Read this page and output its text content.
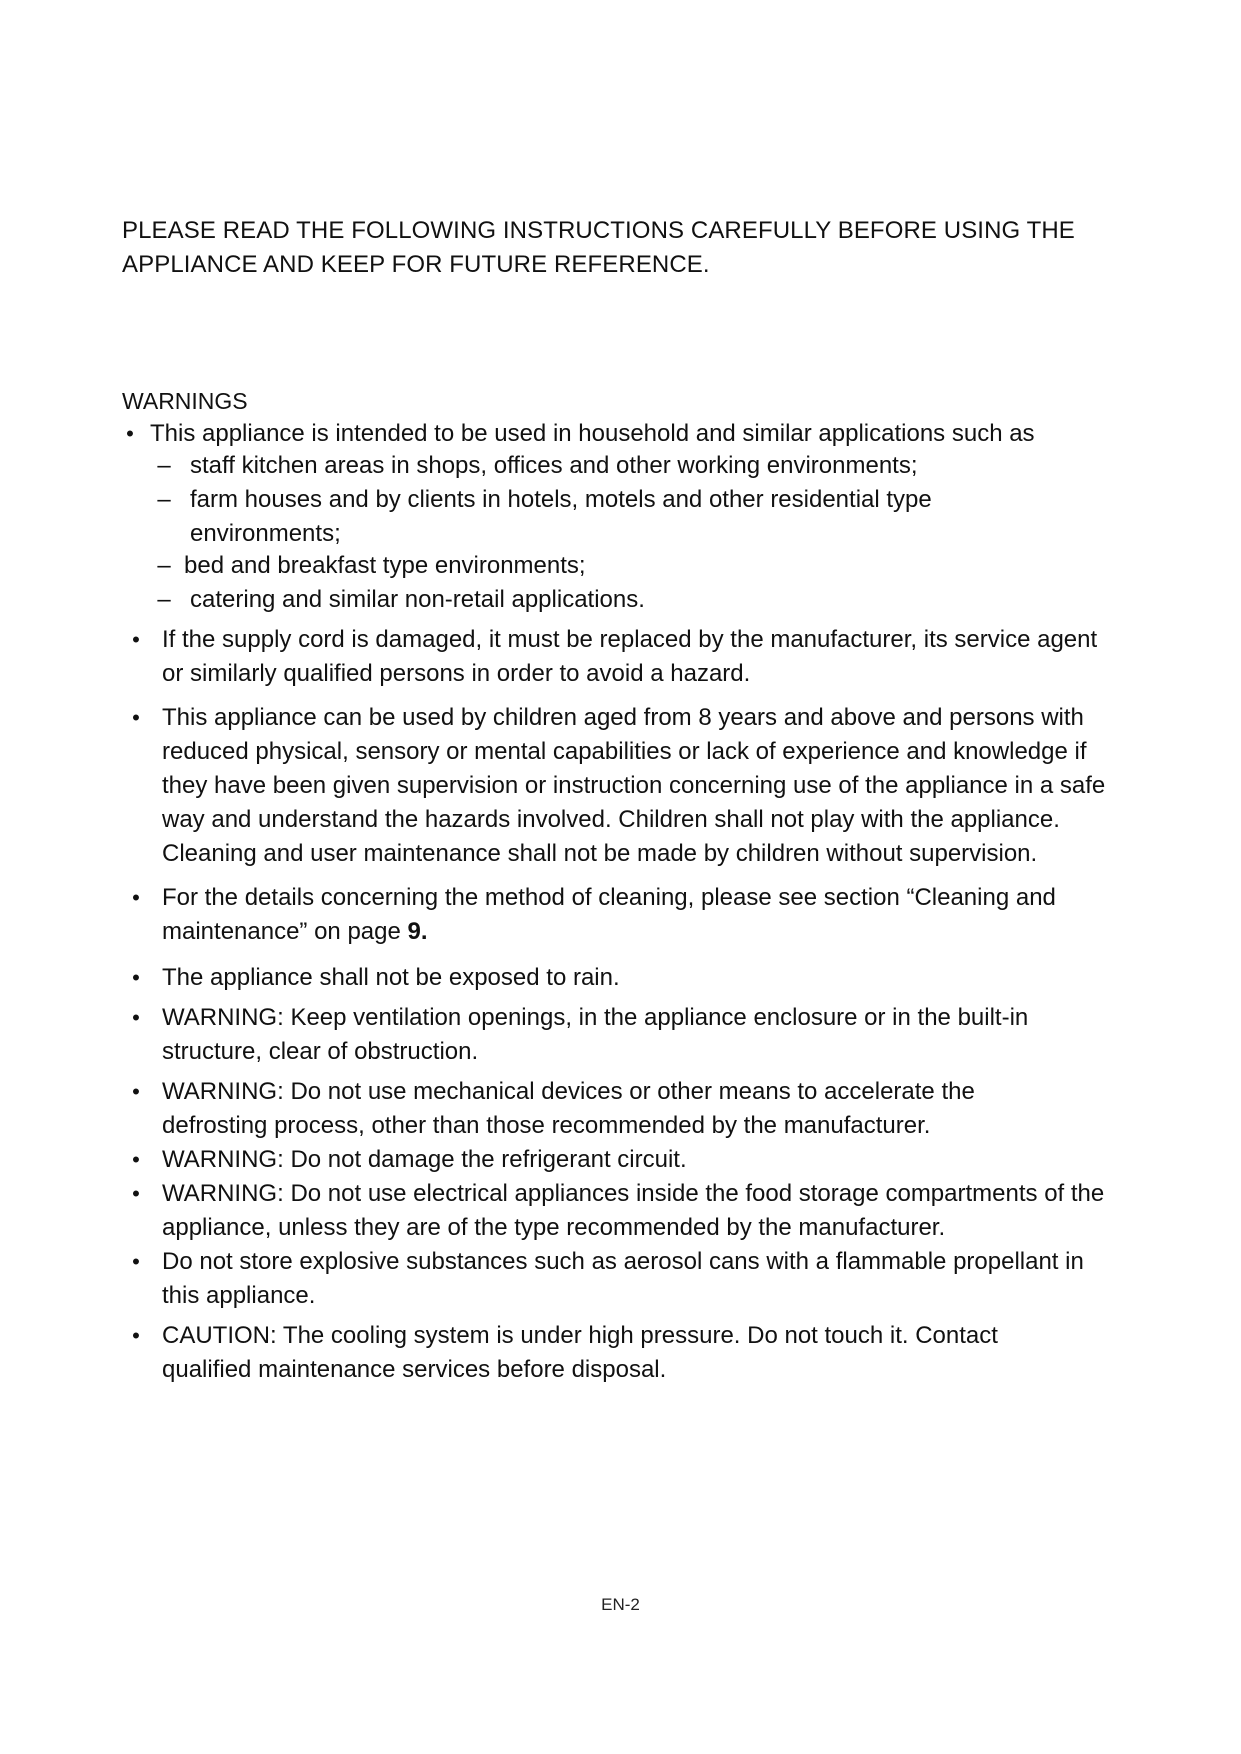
PLEASE READ THE FOLLOWING INSTRUCTIONS CAREFULLY BEFORE USING THE
APPLIANCE AND KEEP FOR FUTURE REFERENCE.
WARNINGS
• This appliance is intended to be used in household and similar applications such as
– staff kitchen areas in shops, offices and other working environments;
– farm houses and by clients in hotels, motels and other residential type environments;
– bed and breakfast type environments;
– catering and similar non-retail applications.
• If the supply cord is damaged, it must be replaced by the manufacturer, its service agent or similarly qualified persons in order to avoid a hazard.
• This appliance can be used by children aged from 8 years and above and persons with reduced physical, sensory or mental capabilities or lack of experience and knowledge if they have been given supervision or instruction concerning use of the appliance in a safe way and understand the hazards involved. Children shall not play with the appliance. Cleaning and user maintenance shall not be made by children without supervision.
• For the details concerning the method of cleaning, please see section “Cleaning and maintenance” on page 9.
• The appliance shall not be exposed to rain.
• WARNING: Keep ventilation openings, in the appliance enclosure or in the built-in structure, clear of obstruction.
• WARNING: Do not use mechanical devices or other means to accelerate the defrosting process, other than those recommended by the manufacturer.
• WARNING: Do not damage the refrigerant circuit.
• WARNING: Do not use electrical appliances inside the food storage compartments of the appliance, unless they are of the type recommended by the manufacturer.
• Do not store explosive substances such as aerosol cans with a flammable propellant in this appliance.
• CAUTION: The cooling system is under high pressure. Do not touch it. Contact qualified maintenance services before disposal.
EN-2
